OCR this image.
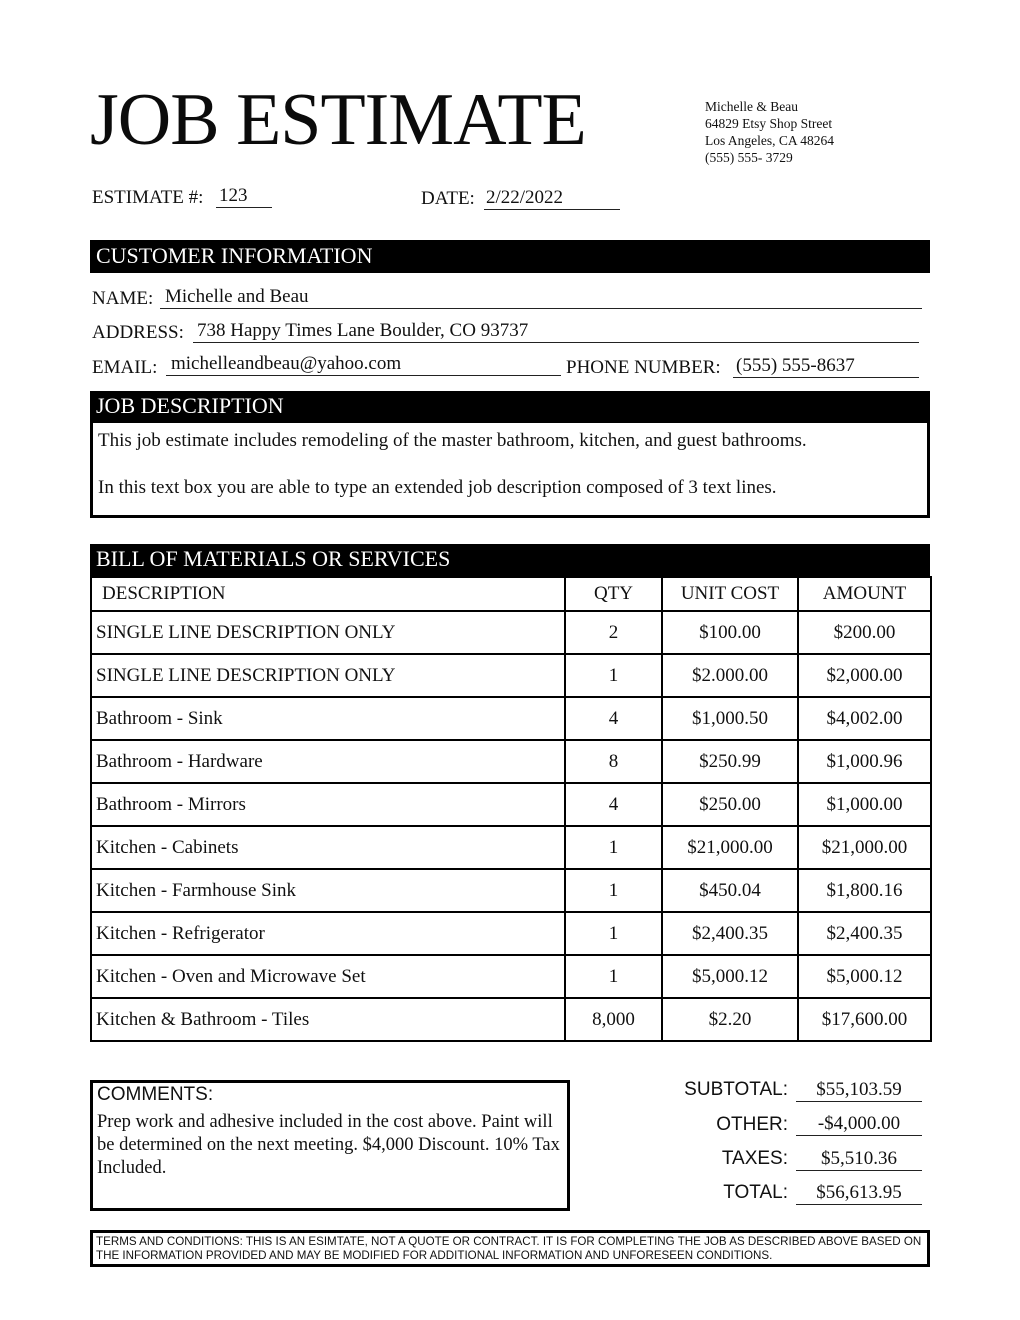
JOB ESTIMATE	Michelle & Beau
64829 Etsy Shop Street
Los Angeles, CA 48264
(555) 555- 3729
ESTIMATE #: 123	DATE: 2/22/2022
CUSTOMER INFORMATION
NAME: Michelle and Beau
ADDRESS: 738 Happy Times Lane Boulder, CO 93737
EMAIL: michelleandbeau@yahoo.com	PHONE NUMBER: (555) 555-8637
JOB DESCRIPTION
This job estimate includes remodeling of the master bathroom, kitchen, and guest bathrooms.
In this text box you are able to type an extended job description composed of 3 text lines.
BILL OF MATERIALS OR SERVICES
DESCRIPTION	QTY	UNIT COST	AMOUNT
SINGLE LINE DESCRIPTION ONLY	2	$100.00	$200.00
SINGLE LINE DESCRIPTION ONLY	1	$2.000.00	$2,000.00
Bathroom - Sink	4	$1,000.50	$4,002.00
Bathroom - Hardware	8	$250.99	$1,000.96
Bathroom - Mirrors	4	$250.00	$1,000.00
Kitchen - Cabinets	1	$21,000.00	$21,000.00
Kitchen - Farmhouse Sink	1	$450.04	$1,800.16
Kitchen - Refrigerator	1	$2,400.35	$2,400.35
Kitchen - Oven and Microwave Set	1	$5,000.12	$5,000.12
Kitchen & Bathroom - Tiles	8,000	$2.20	$17,600.00
COMMENTS:
Prep work and adhesive included in the cost above. Paint will be determined on the next meeting. $4,000 Discount. 10% Tax Included.
SUBTOTAL:	$55,103.59
OTHER:	-$4,000.00
TAXES:	$5,510.36
TOTAL:	$56,613.95
TERMS AND CONDITIONS: THIS IS AN ESIMTATE, NOT A QUOTE OR CONTRACT. IT IS FOR COMPLETING THE JOB AS DESCRIBED ABOVE BASED ON THE INFORMATION PROVIDED AND MAY BE MODIFIED FOR ADDITIONAL INFORMATION AND UNFORESEEN CONDITIONS.
